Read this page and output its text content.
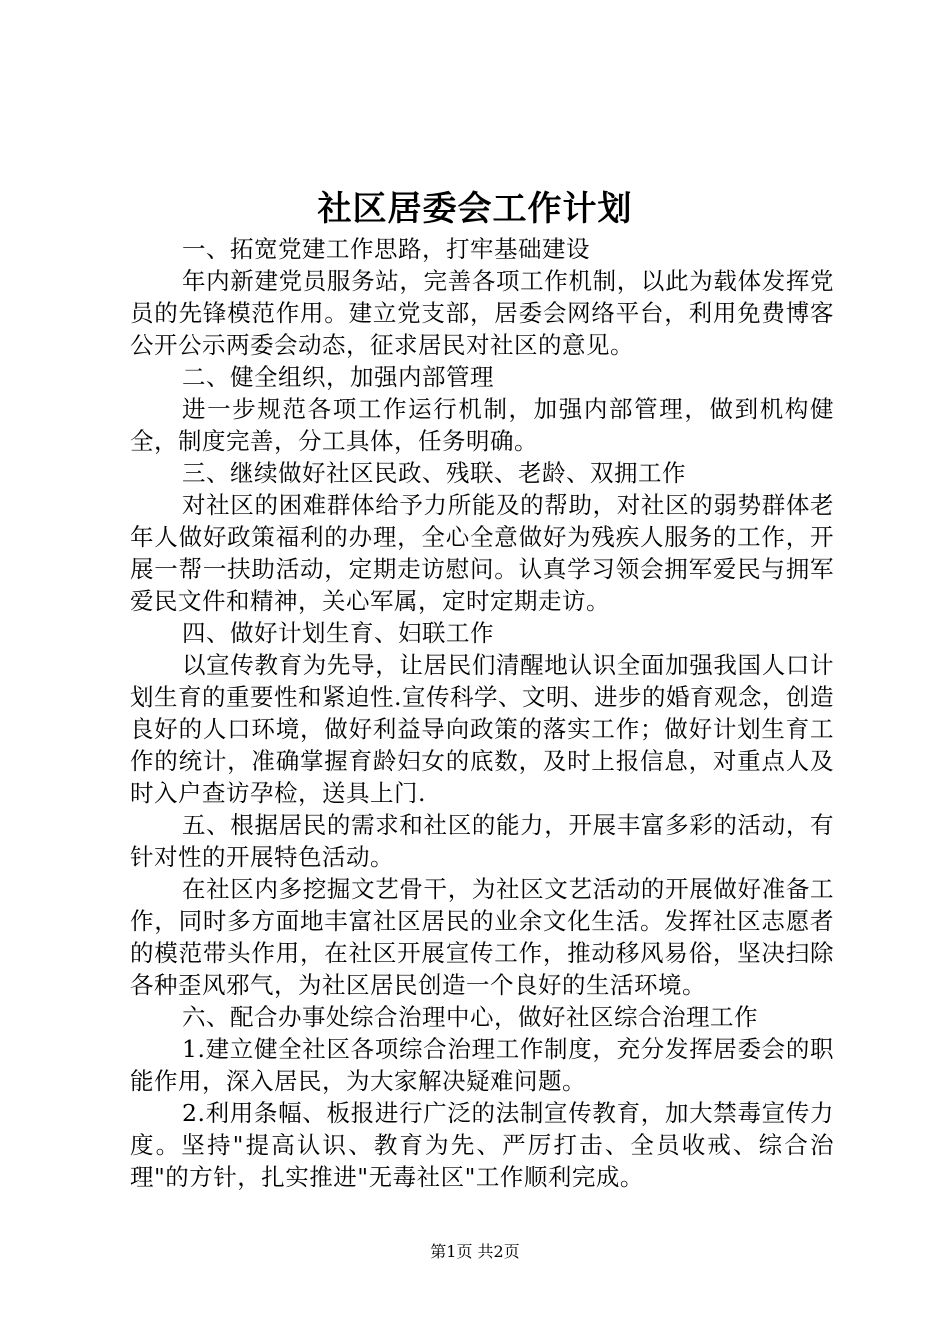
社区居委会工作计划

一、拓宽党建工作思路，打牢基础建设

年内新建党员服务站，完善各项工作机制，以此为载体发挥党员的先锋模范作用。建立党支部，居委会网络平台，利用免费博客公开公示两委会动态，征求居民对社区的意见。

二、健全组织，加强内部管理

进一步规范各项工作运行机制，加强内部管理，做到机构健全，制度完善，分工具体，任务明确。

三、继续做好社区民政、残联、老龄、双拥工作

对社区的困难群体给予力所能及的帮助，对社区的弱势群体老年人做好政策福利的办理，全心全意做好为残疾人服务的工作，开展一帮一扶助活动，定期走访慰问。认真学习领会拥军爱民与拥军爱民文件和精神，关心军属，定时定期走访。

四、做好计划生育、妇联工作

以宣传教育为先导，让居民们清醒地认识全面加强我国人口计划生育的重要性和紧迫性.宣传科学、文明、进步的婚育观念，创造良好的人口环境，做好利益导向政策的落实工作；做好计划生育工作的统计，准确掌握育龄妇女的底数，及时上报信息，对重点人及时入户查访孕检，送具上门.

五、根据居民的需求和社区的能力，开展丰富多彩的活动，有针对性的开展特色活动。

在社区内多挖掘文艺骨干，为社区文艺活动的开展做好准备工作，同时多方面地丰富社区居民的业余文化生活。发挥社区志愿者的模范带头作用，在社区开展宣传工作，推动移风易俗，坚决扫除各种歪风邪气，为社区居民创造一个良好的生活环境。

六、配合办事处综合治理中心，做好社区综合治理工作

1.建立健全社区各项综合治理工作制度，充分发挥居委会的职能作用，深入居民，为大家解决疑难问题。

2.利用条幅、板报进行广泛的法制宣传教育，加大禁毒宣传力度。坚持"提高认识、教育为先、严厉打击、全员收戒、综合治理"的方针，扎实推进"无毒社区"工作顺利完成。

第1页 共2页
